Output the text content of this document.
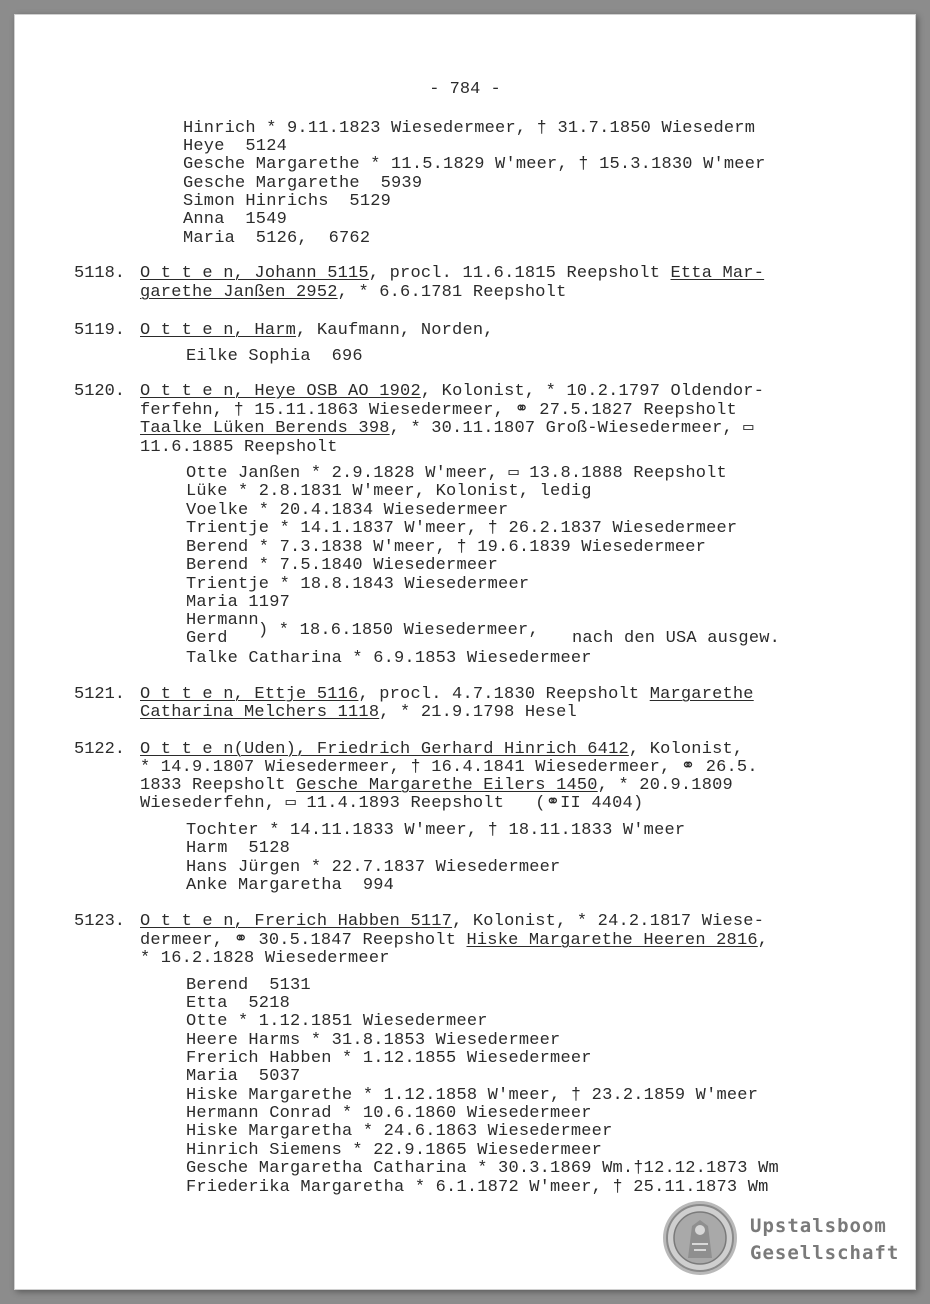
- 784 -
Hinrich * 9.11.1823 Wiesedermeer, † 31.7.1850 Wiesederm
Heye  5124
Gesche Margarethe * 11.5.1829 W'meer, † 15.3.1830 W'meer
Gesche Margarethe  5939
Simon Hinrichs  5129
Anna  1549
Maria  5126,  6762
5118. O t t e n, Johann 5115, procl. 11.6.1815 Reepsholt Etta Mar-
garethe Janßen 2952, * 6.6.1781 Reepsholt
5119. O t t e n, Harm, Kaufmann, Norden,
Eilke Sophia  696
5120. O t t e n, Heye OSB AO 1902, Kolonist, * 10.2.1797 Oldendor-
ferfehn, † 15.11.1863 Wiesedermeer, ⚭ 27.5.1827 Reepsholt
Taalke Lüken Berends 398, * 30.11.1807 Groß-Wiesedermeer, ▭
11.6.1885 Reepsholt
Otte Janßen * 2.9.1828 W'meer, ▭ 13.8.1888 Reepsholt
Lüke * 2.8.1831 W'meer, Kolonist, ledig
Voelke * 20.4.1834 Wiesedermeer
Trientje * 14.1.1837 W'meer, † 26.2.1837 Wiesedermeer
Berend * 7.3.1838 W'meer, † 19.6.1839 Wiesedermeer
Berend * 7.5.1840 Wiesedermeer
Trientje * 18.8.1843 Wiesedermeer
Maria 1197
Hermann
Gerd ) * 18.6.1850 Wiesedermeer, nach den USA ausgew.
Talke Catharina * 6.9.1853 Wiesedermeer
5121. O t t e n, Ettje 5116, procl. 4.7.1830 Reepsholt Margarethe
Catharina Melchers 1118, * 21.9.1798 Hesel
5122. O t t e n(Uden), Friedrich Gerhard Hinrich 6412, Kolonist,
* 14.9.1807 Wiesedermeer, † 16.4.1841 Wiesedermeer, ⚭ 26.5.
1833 Reepsholt Gesche Margarethe Eilers 1450, * 20.9.1809
Wiesederfehn, ▭ 11.4.1893 Reepsholt   (⚭II 4404)
Tochter * 14.11.1833 W'meer, † 18.11.1833 W'meer
Harm  5128
Hans Jürgen * 22.7.1837 Wiesedermeer
Anke Margaretha  994
5123. O t t e n, Frerich Habben 5117, Kolonist, * 24.2.1817 Wiese-
dermeer, ⚭ 30.5.1847 Reepsholt Hiske Margarethe Heeren 2816,
* 16.2.1828 Wiesedermeer
Berend  5131
Etta  5218
Otte * 1.12.1851 Wiesedermeer
Heere Harms * 31.8.1853 Wiesedermeer
Frerich Habben * 1.12.1855 Wiesedermeer
Maria  5037
Hiske Margarethe * 1.12.1858 W'meer, † 23.2.1859 W'meer
Hermann Conrad * 10.6.1860 Wiesedermeer
Hiske Margaretha * 24.6.1863 Wiesedermeer
Hinrich Siemens * 22.9.1865 Wiesedermeer
Gesche Margaretha Catharina * 30.3.1869 Wm.†12.12.1873 Wm
Friederika Margaretha * 6.1.1872 W'meer, † 25.11.1873 Wm
Upstalsboom
Gesellschaft
